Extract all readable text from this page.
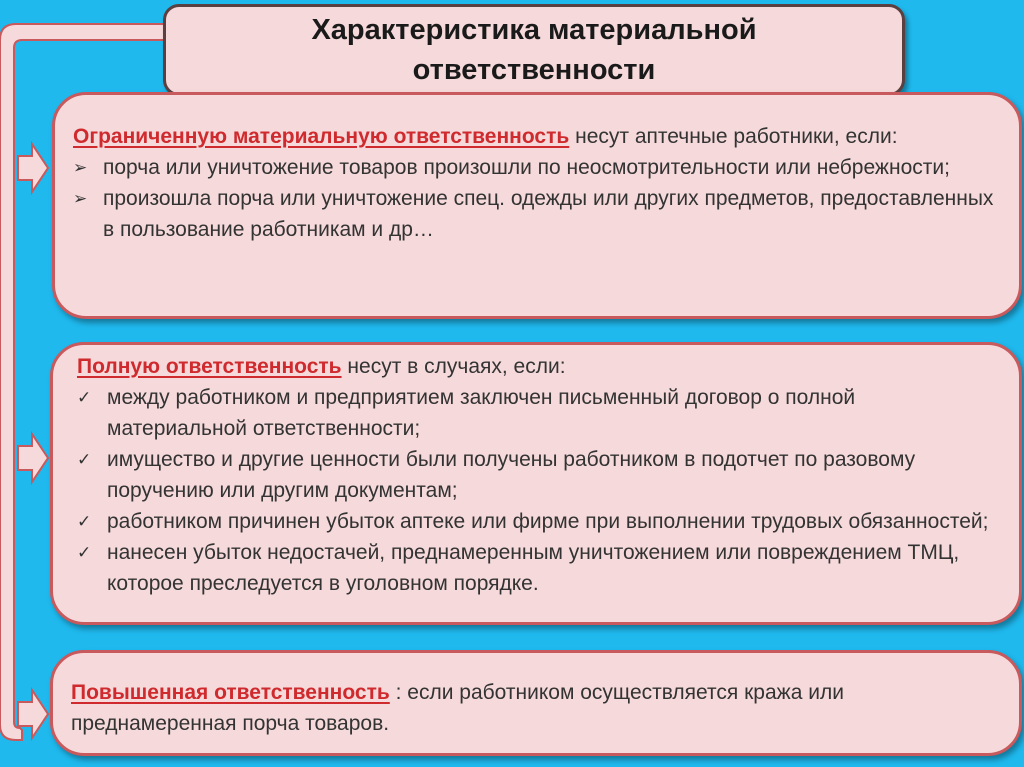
Характеристика материальной
ответственности

Ограниченную материальную ответственность несут аптечные работники, если:

➢ порча или уничтожение товаров произошли по неосмотрительности или небрежности;
➢ произошла порча или уничтожение спец. одежды или других предметов, предоставленных в пользование работникам и др…

Полную ответственность несут в случаях, если:

✓ между работником и предприятием заключен письменный договор о полной материальной ответственности;
✓ имущество и другие ценности были получены работником в подотчет по разовому поручению или другим документам;
✓ работником причинен убыток аптеке или фирме при выполнении трудовых обязанностей;
✓ нанесен убыток недостачей, преднамеренным уничтожением или повреждением ТМЦ, которое преследуется в уголовном порядке.

Повышенная ответственность : если работником осуществляется кража или преднамеренная порча товаров.
